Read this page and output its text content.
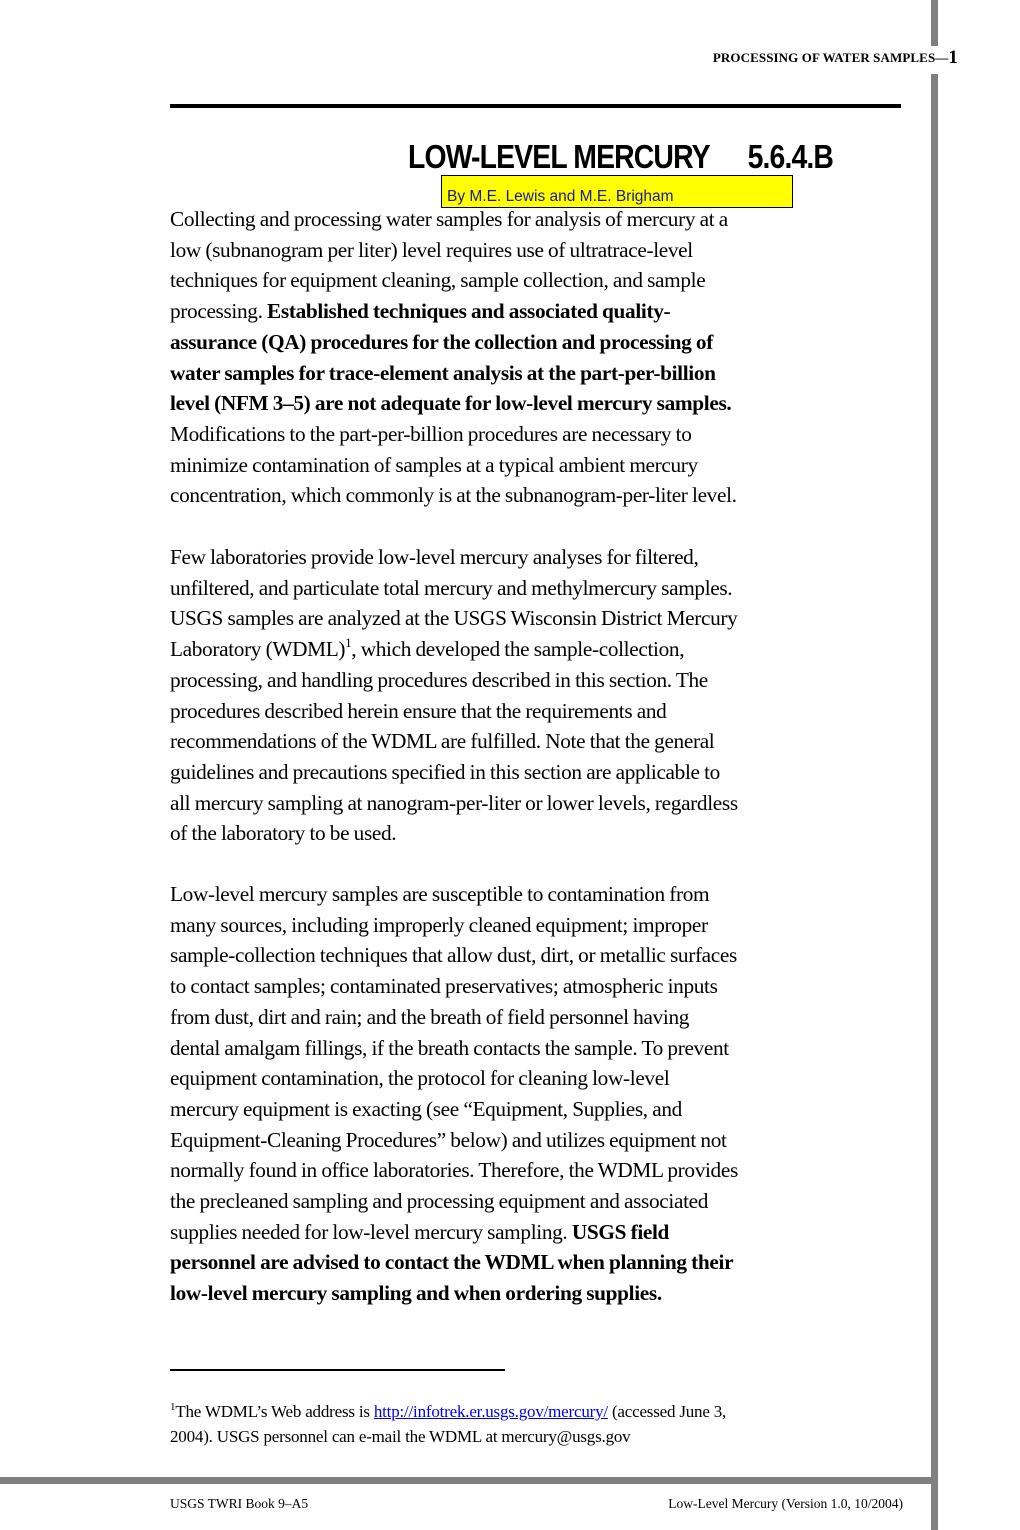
PROCESSING OF WATER SAMPLES—1
LOW-LEVEL MERCURY 5.6.4.B
By M.E. Lewis and M.E. Brigham
Collecting and processing water samples for analysis of mercury at a
low (subnanogram per liter) level requires use of ultratrace-level
techniques for equipment cleaning, sample collection, and sample
processing. Established techniques and associated quality-
assurance (QA) procedures for the collection and processing of
water samples for trace-element analysis at the part-per-billion
level (NFM 3–5) are not adequate for low-level mercury samples.
Modifications to the part-per-billion procedures are necessary to
minimize contamination of samples at a typical ambient mercury
concentration, which commonly is at the subnanogram-per-liter level.
Few laboratories provide low-level mercury analyses for filtered,
unfiltered, and particulate total mercury and methylmercury samples.
USGS samples are analyzed at the USGS Wisconsin District Mercury
Laboratory (WDML)$^1$, which developed the sample-collection,
processing, and handling procedures described in this section. The
procedures described herein ensure that the requirements and
recommendations of the WDML are fulfilled. Note that the general
guidelines and precautions specified in this section are applicable to
all mercury sampling at nanogram-per-liter or lower levels, regardless
of the laboratory to be used.
Low-level mercury samples are susceptible to contamination from
many sources, including improperly cleaned equipment; improper
sample-collection techniques that allow dust, dirt, or metallic surfaces
to contact samples; contaminated preservatives; atmospheric inputs
from dust, dirt and rain; and the breath of field personnel having
dental amalgam fillings, if the breath contacts the sample. To prevent
equipment contamination, the protocol for cleaning low-level
mercury equipment is exacting (see “Equipment, Supplies, and
Equipment-Cleaning Procedures” below) and utilizes equipment not
normally found in office laboratories. Therefore, the WDML provides
the precleaned sampling and processing equipment and associated
supplies needed for low-level mercury sampling. USGS field
personnel are advised to contact the WDML when planning their
low-level mercury sampling and when ordering supplies.
$^1$The WDML’s Web address is http://infotrek.er.usgs.gov/mercury/ (accessed June 3,
2004). USGS personnel can e-mail the WDML at mercury@usgs.gov
USGS TWRI Book 9–A5	Low-Level Mercury (Version 1.0, 10/2004)
